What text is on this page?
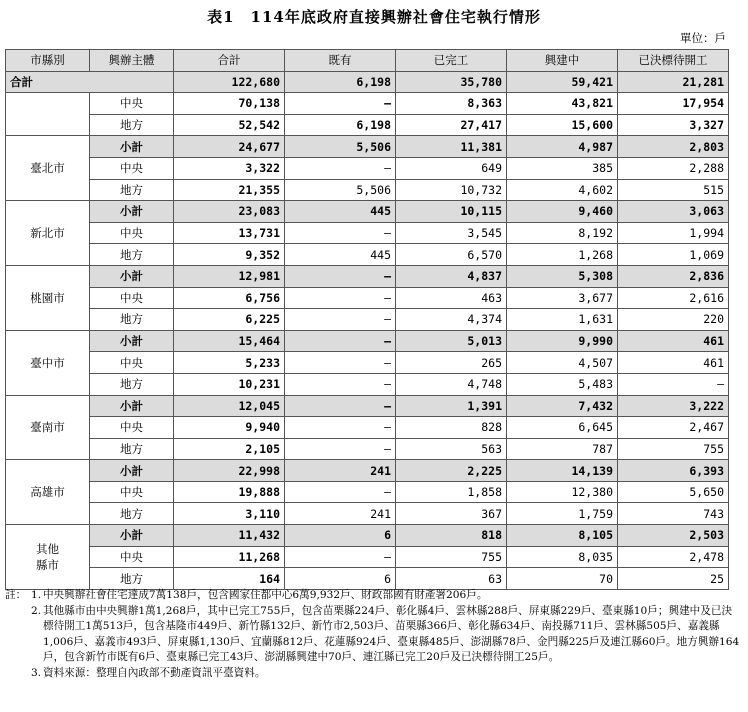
表1　114年底政府直接興辦社會住宅執行情形
單位：戶
市縣別	興辦主體	合計	既有	已完工	興建中	已決標待開工
合計		122,680	6,198	35,780	59,421	21,281
	中央	70,138	—	8,363	43,821	17,954
	地方	52,542	6,198	27,417	15,600	3,327

臺北市	小計	24,677	5,506	11,381	4,987	2,803
	中央	3,322	—	649	385	2,288
	地方	21,355	5,506	10,732	4,602	515

新北市	小計	23,083	445	10,115	9,460	3,063
	中央	13,731	—	3,545	8,192	1,994
	地方	9,352	445	6,570	1,268	1,069

桃園市	小計	12,981	—	4,837	5,308	2,836
	中央	6,756	—	463	3,677	2,616
	地方	6,225	—	4,374	1,631	220

臺中市	小計	15,464	—	5,013	9,990	461
	中央	5,233	—	265	4,507	461
	地方	10,231	—	4,748	5,483	—

臺南市	小計	12,045	—	1,391	7,432	3,222
	中央	9,940	—	828	6,645	2,467
	地方	2,105	—	563	787	755

高雄市	小計	22,998	241	2,225	14,139	6,393
	中央	19,888	—	1,858	12,380	5,650
	地方	3,110	241	367	1,759	743

其他
縣市	小計	11,432	6	818	8,105	2,503
	中央	11,268	—	755	8,035	2,478
	地方	164	6	63	70	25
註： 1. 中央興辦社會住宅達成7萬138戶，包含國家住都中心6萬9,932戶、財政部國有財產署206戶。
2. 其他縣市由中央興辦1萬1,268戶，其中已完工755戶，包含苗栗縣224戶、彰化縣4戶、雲林縣288戶、屏東縣229戶、臺東縣10戶；興建中及已決標待開工1萬513戶，包含基隆市449戶、新竹縣132戶、新竹市2,503戶、苗栗縣366戶、彰化縣634戶、南投縣711戶、雲林縣505戶、嘉義縣1,006戶、嘉義市493戶、屏東縣1,130戶、宜蘭縣812戶、花蓮縣924戶、臺東縣485戶、澎湖縣78戶、金門縣225戶及連江縣60戶。地方興辦164戶，包含新竹市既有6戶、臺東縣已完工43戶、澎湖縣興建中70戶、連江縣已完工20戶及已決標待開工25戶。
3. 資料來源：整理自內政部不動產資訊平臺資料。
